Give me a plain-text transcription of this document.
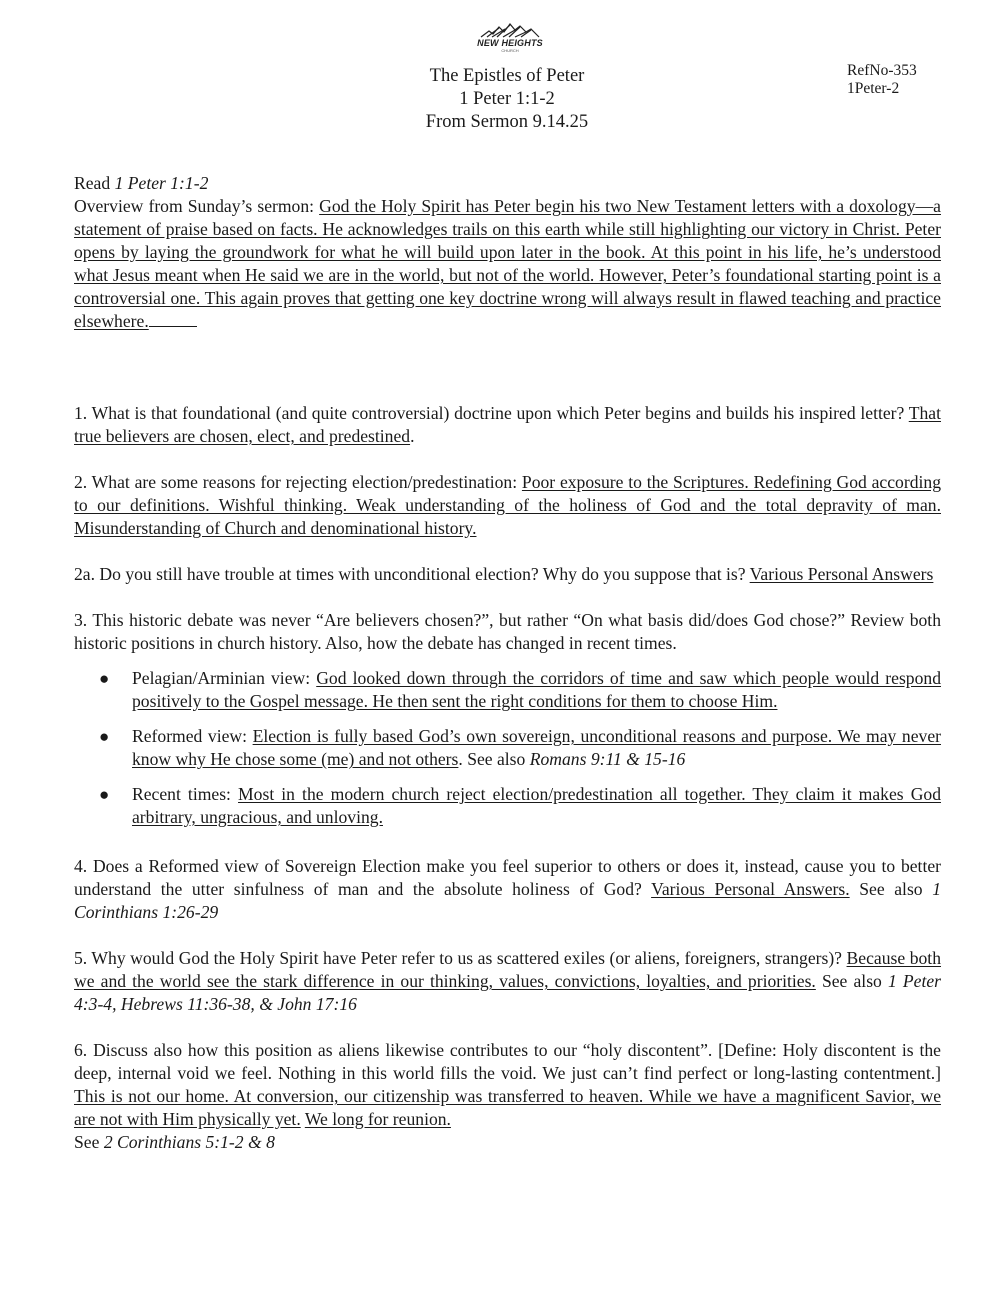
NEW HEIGHTS
CHURCH
The Epistles of Peter
1 Peter 1:1-2
From Sermon 9.14.25
RefNo-353
1Peter-2

Read 1 Peter 1:1-2

Overview from Sunday’s sermon: God the Holy Spirit has Peter begin his two New Testament letters with a doxology—a statement of praise based on facts. He acknowledges trails on this earth while still highlighting our victory in Christ. Peter opens by laying the groundwork for what he will build upon later in the book. At this point in his life, he’s understood what Jesus meant when He said we are in the world, but not of the world. However, Peter’s foundational starting point is a controversial one. This again proves that getting one key doctrine wrong will always result in flawed teaching and practice elsewhere.

1. What is that foundational (and quite controversial) doctrine upon which Peter begins and builds his inspired letter? That true believers are chosen, elect, and predestined.

2. What are some reasons for rejecting election/predestination: Poor exposure to the Scriptures. Redefining God according to our definitions. Wishful thinking. Weak understanding of the holiness of God and the total depravity of man. Misunderstanding of Church and denominational history.

2a. Do you still have trouble at times with unconditional election? Why do you suppose that is? Various Personal Answers

3. This historic debate was never “Are believers chosen?”, but rather “On what basis did/does God chose?” Review both historic positions in church history. Also, how the debate has changed in recent times.

● Pelagian/Arminian view: God looked down through the corridors of time and saw which people would respond positively to the Gospel message. He then sent the right conditions for them to choose Him.
● Reformed view: Election is fully based God’s own sovereign, unconditional reasons and purpose. We may never know why He chose some (me) and not others. See also Romans 9:11 & 15-16
● Recent times: Most in the modern church reject election/predestination all together. They claim it makes God arbitrary, ungracious, and unloving.

4. Does a Reformed view of Sovereign Election make you feel superior to others or does it, instead, cause you to better understand the utter sinfulness of man and the absolute holiness of God? Various Personal Answers. See also 1 Corinthians 1:26-29

5. Why would God the Holy Spirit have Peter refer to us as scattered exiles (or aliens, foreigners, strangers)? Because both we and the world see the stark difference in our thinking, values, convictions, loyalties, and priorities. See also 1 Peter 4:3-4, Hebrews 11:36-38, & John 17:16

6. Discuss also how this position as aliens likewise contributes to our “holy discontent”. [Define: Holy discontent is the deep, internal void we feel. Nothing in this world fills the void. We just can’t find perfect or long-lasting contentment.] This is not our home. At conversion, our citizenship was transferred to heaven. While we have a magnificent Savior, we are not with Him physically yet. We long for reunion.
See 2 Corinthians 5:1-2 & 8
